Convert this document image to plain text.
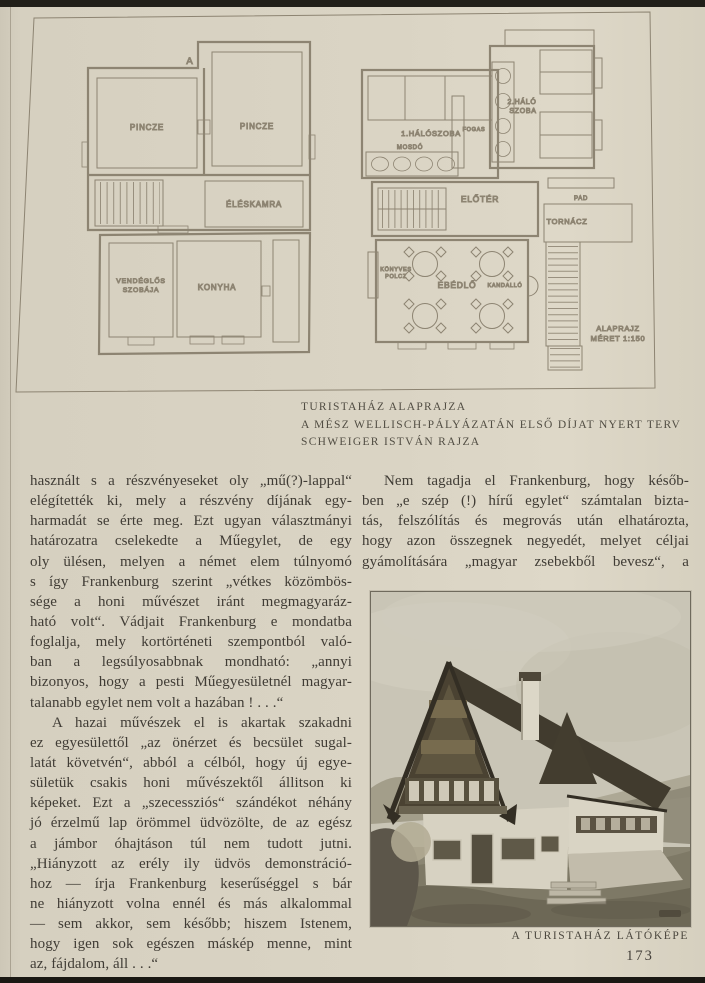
A
PINCZE	PINCZE
ÉLÉSKAMRA
VENDÉGLŐS
SZOBÁJA	KONYHA
1.HÁLÓSZOBA
MOSDÓ
FOGAS
2.HÁLÓ
SZOBA
ELŐTÉR	PAD
TORNÁCZ
EBÉDLŐ
KÖNYVES
POLCZ
KANDALLÓ
ALAPRAJZ
MÉRET 1:150
TURISTAHÁZ ALAPRAJZA
A MÉSZ WELLISCH-PÁLYÁZATÁN ELSŐ DÍJAT NYERT TERV
SCHWEIGER ISTVÁN RAJZA
használt s a részvényeseket oly „mű(?)-lappal“
elégítették ki, mely a részvény díjának egy-
harmadát se érte meg. Ezt ugyan választmányi
határozatra cselekedte a Műegylet, de egy
oly ülésen, melyen a német elem túlnyomó
s így Frankenburg szerint „vétkes közömbös-
sége a honi művészet iránt megmagyaráz-
ható volt“. Vádjait Frankenburg e mondatba
foglalja, mely kortörténeti szempontból való-
ban a legsúlyosabbnak mondható: „annyi
bizonyos, hogy a pesti Műegyesületnél magyar-
talanabb egylet nem volt a hazában ! . . .“
A hazai művészek el is akartak szakadni
ez egyesülettől „az önérzet és becsület sugal-
latát követvén“, abból a célból, hogy új egye-
sületük csakis honi művészektől állitson ki
képeket. Ezt a „szecessziós“ szándékot néhány
jó érzelmű lap örömmel üdvözölte, de az egész
a jámbor óhajtáson túl nem tudott jutni.
„Hiányzott az erély ily üdvös demonstráció-
hoz — írja Frankenburg keserűséggel s bár
ne hiányzott volna ennél és más alkalommal
— sem akkor, sem később; hiszem Istenem,
hogy igen sok egészen máskép menne, mint
az, fájdalom, áll . . .“
Nem tagadja el Frankenburg, hogy későb-
ben „e szép (!) hírű egylet“ számtalan bizta-
tás, felszólítás és megrovás után elhatározta,
hogy azon összegnek negyedét, melyet céljai
gyámolítására „magyar zsebekből bevesz“, a
A TURISTAHÁZ LÁTÓKÉPE
173
